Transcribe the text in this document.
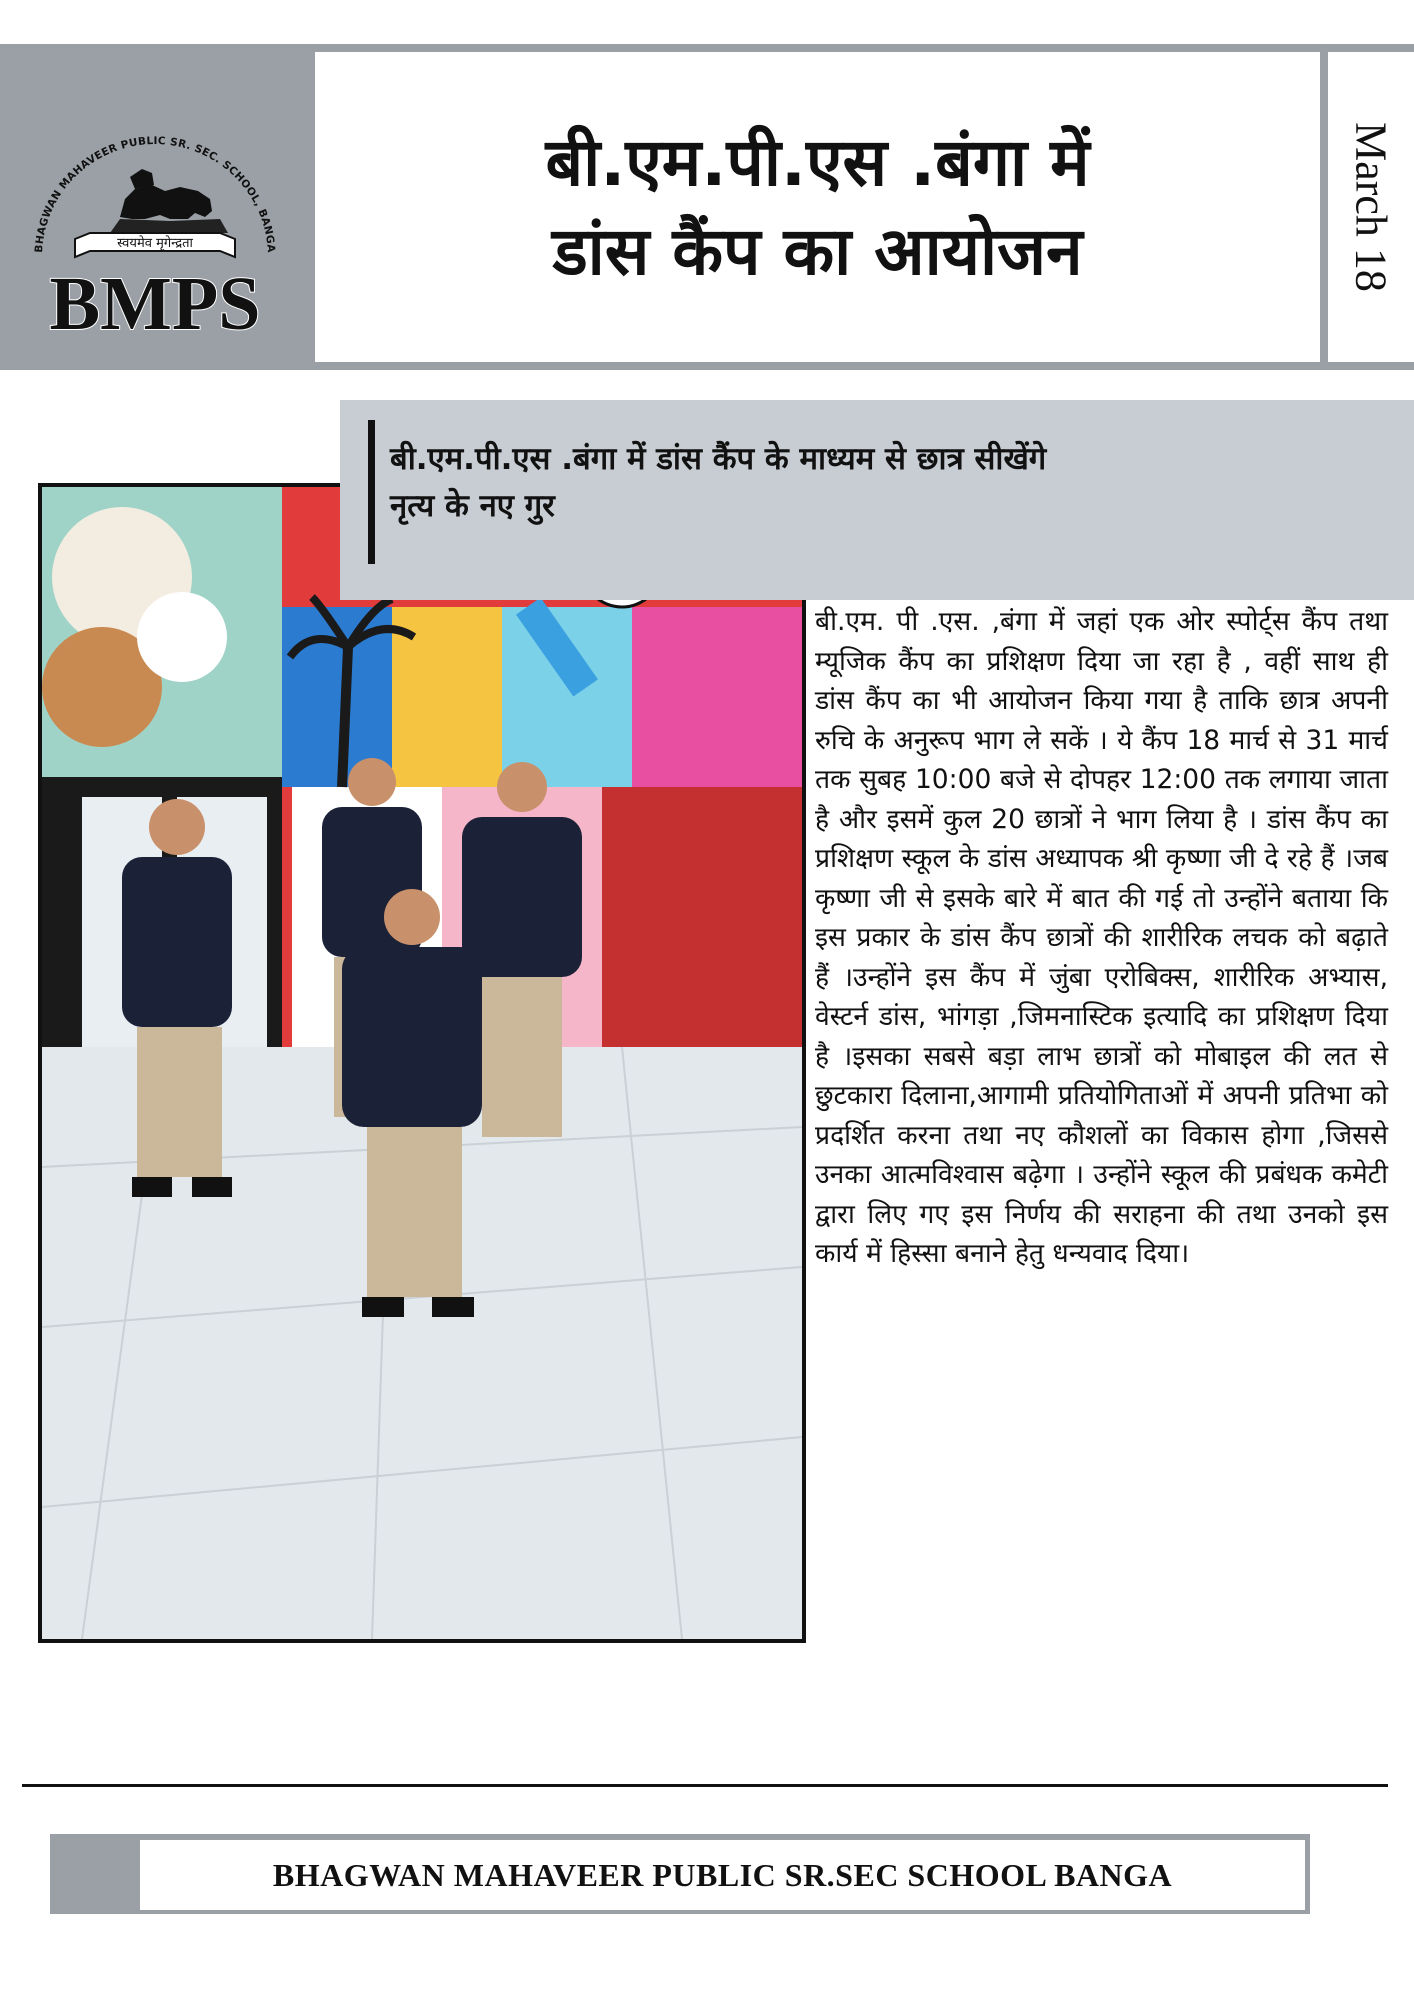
BHAGWAN MAHAVEER PUBLIC SR. SEC. SCHOOL, BANGA
स्वयमेव मृगेन्द्रता
BMPS
बी.एम.पी.एस .बंगा में
डांस कैंप का आयोजन	March 18
बी.एम.पी.एस .बंगा में डांस कैंप के माध्यम से छात्र सीखेंगे
नृत्य के नए गुर

बी.एम. पी .एस. ,बंगा में जहां एक ओर स्पोर्ट्स कैंप तथा म्यूजिक कैंप का प्रशिक्षण दिया जा रहा है , वहीं साथ ही डांस कैंप का भी आयोजन किया गया है ताकि छात्र अपनी रुचि के अनुरूप भाग ले सकें । ये कैंप 18 मार्च से 31 मार्च तक सुबह 10:00 बजे से दोपहर 12:00 तक लगाया जाता है और इसमें कुल 20 छात्रों ने भाग लिया है । डांस कैंप का प्रशिक्षण स्कूल के डांस अध्यापक श्री कृष्णा जी दे रहे हैं ।जब कृष्णा जी से इसके बारे में बात की गई तो उन्होंने बताया कि इस प्रकार के डांस कैंप छात्रों की शारीरिक लचक को बढ़ाते हैं ।उन्होंने इस कैंप में जुंबा एरोबिक्स, शारीरिक अभ्यास, वेस्टर्न डांस, भांगड़ा ,जिमनास्टिक इत्यादि का प्रशिक्षण दिया है ।इसका सबसे बड़ा लाभ छात्रों को मोबाइल की लत से छुटकारा दिलाना,आगामी प्रतियोगिताओं में अपनी प्रतिभा को प्रदर्शित करना तथा नए कौशलों का विकास होगा ,जिससे उनका आत्मविश्वास बढ़ेगा । उन्होंने स्कूल की प्रबंधक कमेटी द्वारा लिए गए इस निर्णय की सराहना की तथा उनको इस कार्य में हिस्सा बनाने हेतु धन्यवाद दिया।

BHAGWAN MAHAVEER PUBLIC SR.SEC SCHOOL BANGA
